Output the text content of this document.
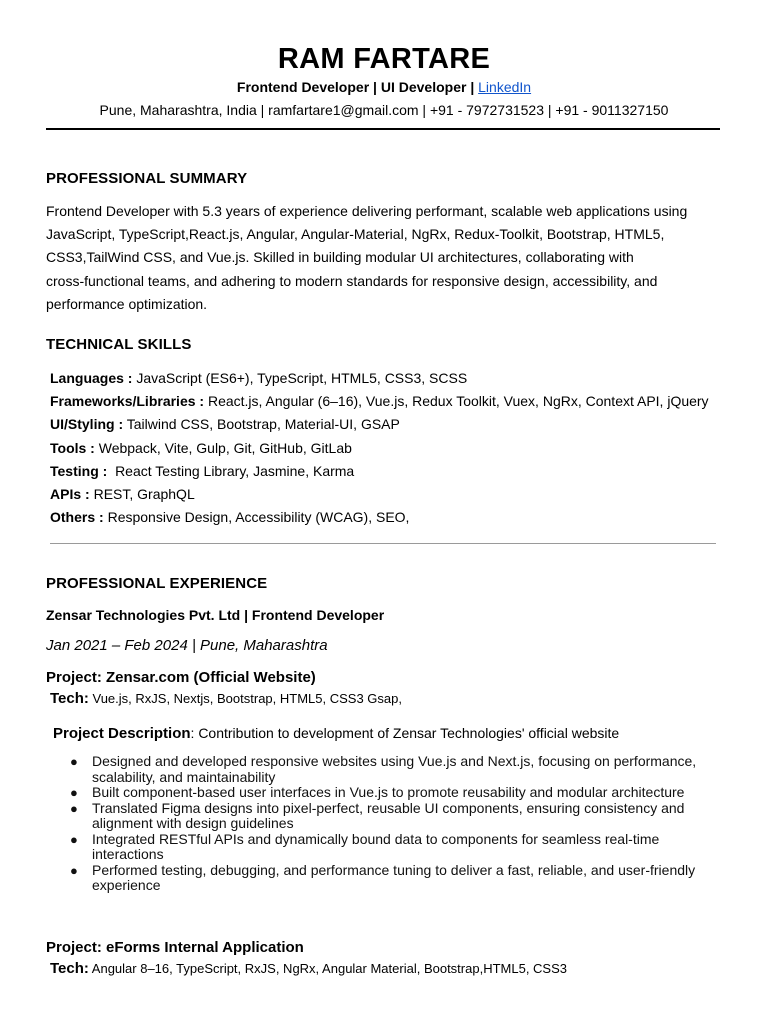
RAM FARTARE
Frontend Developer | UI Developer | LinkedIn
Pune, Maharashtra, India | ramfartare1@gmail.com | +91 - 7972731523 | +91 - 9011327150
PROFESSIONAL SUMMARY
Frontend Developer with 5.3 years of experience delivering performant, scalable web applications using
JavaScript, TypeScript,React.js, Angular, Angular-Material, NgRx, Redux-Toolkit, Bootstrap, HTML5,
CSS3,TailWind CSS, and Vue.js. Skilled in building modular UI architectures, collaborating with
cross-functional teams, and adhering to modern standards for responsive design, accessibility, and
performance optimization.
TECHNICAL SKILLS
Languages : JavaScript (ES6+), TypeScript, HTML5, CSS3, SCSS
Frameworks/Libraries : React.js, Angular (6–16), Vue.js, Redux Toolkit, Vuex, NgRx, Context API, jQuery
UI/Styling : Tailwind CSS, Bootstrap, Material-UI, GSAP
Tools : Webpack, Vite, Gulp, Git, GitHub, GitLab
Testing :  React Testing Library, Jasmine, Karma
APIs : REST, GraphQL
Others : Responsive Design, Accessibility (WCAG), SEO,
PROFESSIONAL EXPERIENCE
Zensar Technologies Pvt. Ltd | Frontend Developer
Jan 2021 – Feb 2024 | Pune, Maharashtra
Project: Zensar.com (Official Website)
Tech: Vue.js, RxJS, Nextjs, Bootstrap, HTML5, CSS3 Gsap,
Project Description: Contribution to development of Zensar Technologies' official website
● Designed and developed responsive websites using Vue.js and Next.js, focusing on performance,
scalability, and maintainability
● Built component-based user interfaces in Vue.js to promote reusability and modular architecture
● Translated Figma designs into pixel-perfect, reusable UI components, ensuring consistency and
alignment with design guidelines
● Integrated RESTful APIs and dynamically bound data to components for seamless real-time
interactions
● Performed testing, debugging, and performance tuning to deliver a fast, reliable, and user-friendly
experience
Project: eForms Internal Application
Tech: Angular 8–16, TypeScript, RxJS, NgRx, Angular Material, Bootstrap,HTML5, CSS3
